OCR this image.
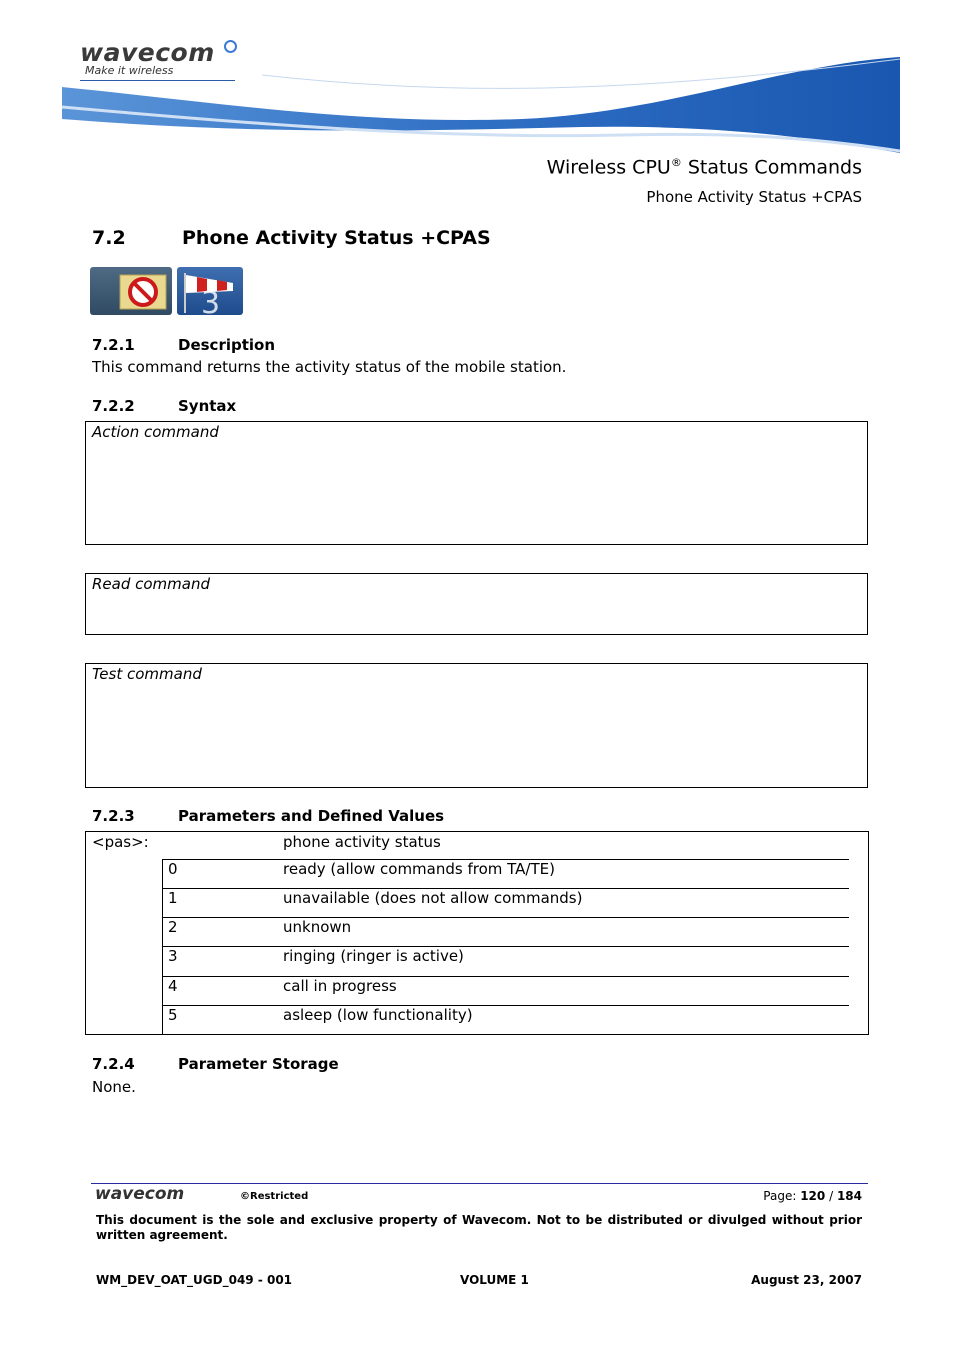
wavecom
Make it wireless
Wireless CPU® Status Commands
Phone Activity Status +CPAS
7.2	Phone Activity Status +CPAS
3
7.2.1	Description
This command returns the activity status of the mobile station.
7.2.2	Syntax
Action command
Read command
Test command
7.2.3	Parameters and Defined Values
<pas>:	phone activity status
0	ready (allow commands from TA/TE)
1	unavailable (does not allow commands)
2	unknown
3	ringing (ringer is active)
4	call in progress
5	asleep (low functionality)
7.2.4	Parameter Storage
None.
wavecom	©Restricted	Page: 120 / 184
This document is the sole and exclusive property of Wavecom. Not to be distributed or divulged without prior written agreement.
WM_DEV_OAT_UGD_049 - 001	VOLUME 1	August 23, 2007
